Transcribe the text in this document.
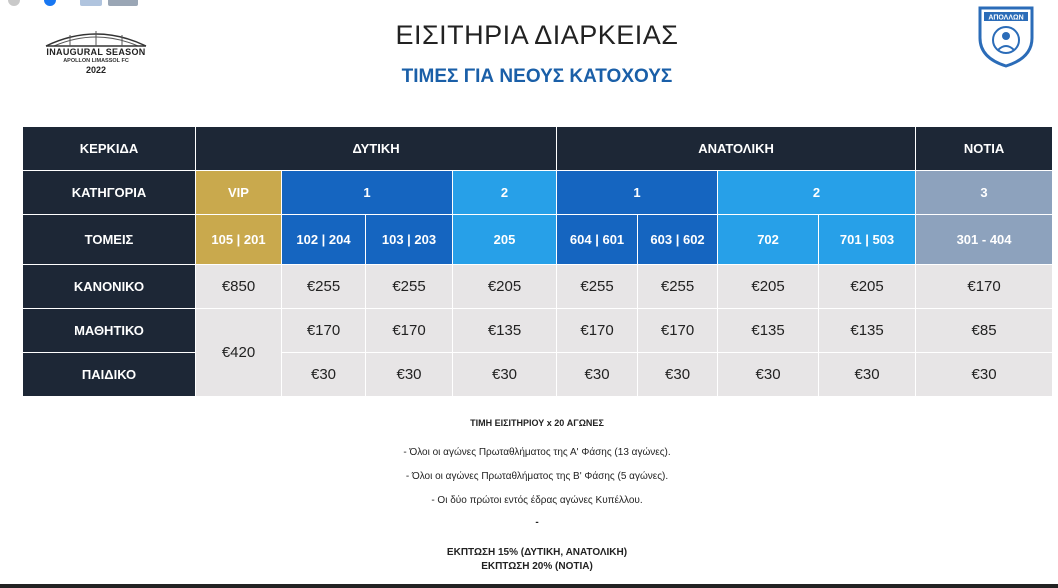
INAUGURAL SEASON
APOLLON LIMASSOL FC
2022
ΕΙΣΙΤΗΡΙΑ ΔΙΑΡΚΕΙΑΣ
ΤΙΜΕΣ ΓΙΑ ΝΕΟΥΣ ΚΑΤΟΧΟΥΣ
ΑΠΟΛΛΩΝ
ΚΕΡΚΙΔΑ	ΔΥΤΙΚΗ				ΑΝΑΤΟΛΙΚΗ				ΝΟΤΙΑ
ΚΑΤΗΓΟΡΙΑ	VIP	1		2	1		2		3
ΤΟΜΕΙΣ	105 | 201	102 | 204	103 | 203	205	604 | 601	603 | 602	702	701 | 503	301 - 404
ΚΑΝΟΝΙΚΟ	€850	€255	€255	€205	€255	€255	€205	€205	€170
ΜΑΘΗΤΙΚΟ	€420	€170	€170	€135	€170	€170	€135	€135	€85
ΠΑΙΔΙΚΟ		€30	€30	€30	€30	€30	€30	€30	€30
ΤΙΜΗ ΕΙΣΙΤΗΡΙΟΥ x 20 ΑΓΩΝΕΣ
- Όλοι οι αγώνες Πρωταθλήματος της Α' Φάσης (13 αγώνες).
- Όλοι οι αγώνες Πρωταθλήματος της Β' Φάσης (5 αγώνες).
- Οι δύο πρώτοι εντός έδρας αγώνες Κυπέλλου.
-
ΕΚΠΤΩΣΗ 15% (ΔΥΤΙΚΗ, ΑΝΑΤΟΛΙΚΗ)
ΕΚΠΤΩΣΗ 20% (ΝΟΤΙΑ)
